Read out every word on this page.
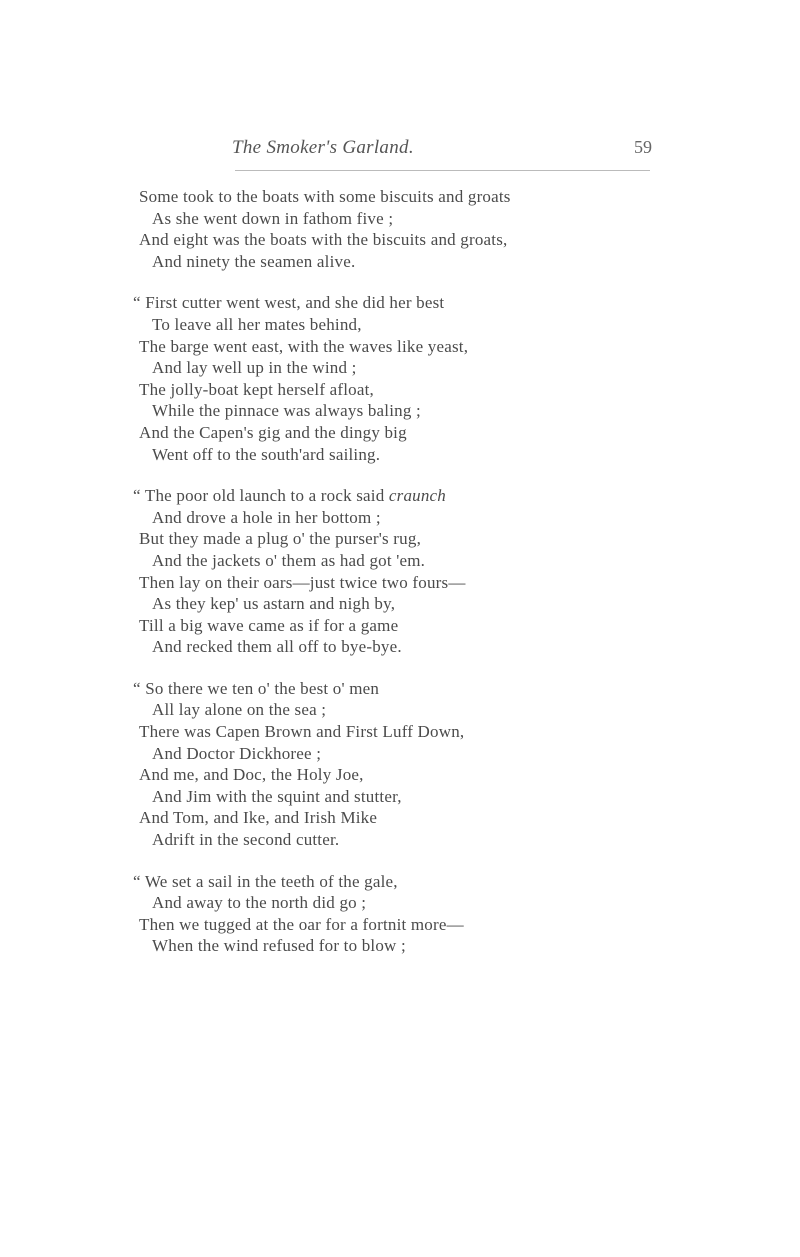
The Smoker's Garland.	59
Some took to the boats with some biscuits and groats
As she went down in fathom five ;
And eight was the boats with the biscuits and groats,
And ninety the seamen alive.
“ First cutter went west, and she did her best
To leave all her mates behind,
The barge went east, with the waves like yeast,
And lay well up in the wind ;
The jolly-boat kept herself afloat,
While the pinnace was always baling ;
And the Capen's gig and the dingy big
Went off to the south'ard sailing.
“ The poor old launch to a rock said craunch
And drove a hole in her bottom ;
But they made a plug o' the purser's rug,
And the jackets o' them as had got 'em.
Then lay on their oars—just twice two fours—
As they kep' us astarn and nigh by,
Till a big wave came as if for a game
And recked them all off to bye-bye.
“ So there we ten o' the best o' men
All lay alone on the sea ;
There was Capen Brown and First Luff Down,
And Doctor Dickhoree ;
And me, and Doc, the Holy Joe,
And Jim with the squint and stutter,
And Tom, and Ike, and Irish Mike
Adrift in the second cutter.
“ We set a sail in the teeth of the gale,
And away to the north did go ;
Then we tugged at the oar for a fortnit more—
When the wind refused for to blow ;
